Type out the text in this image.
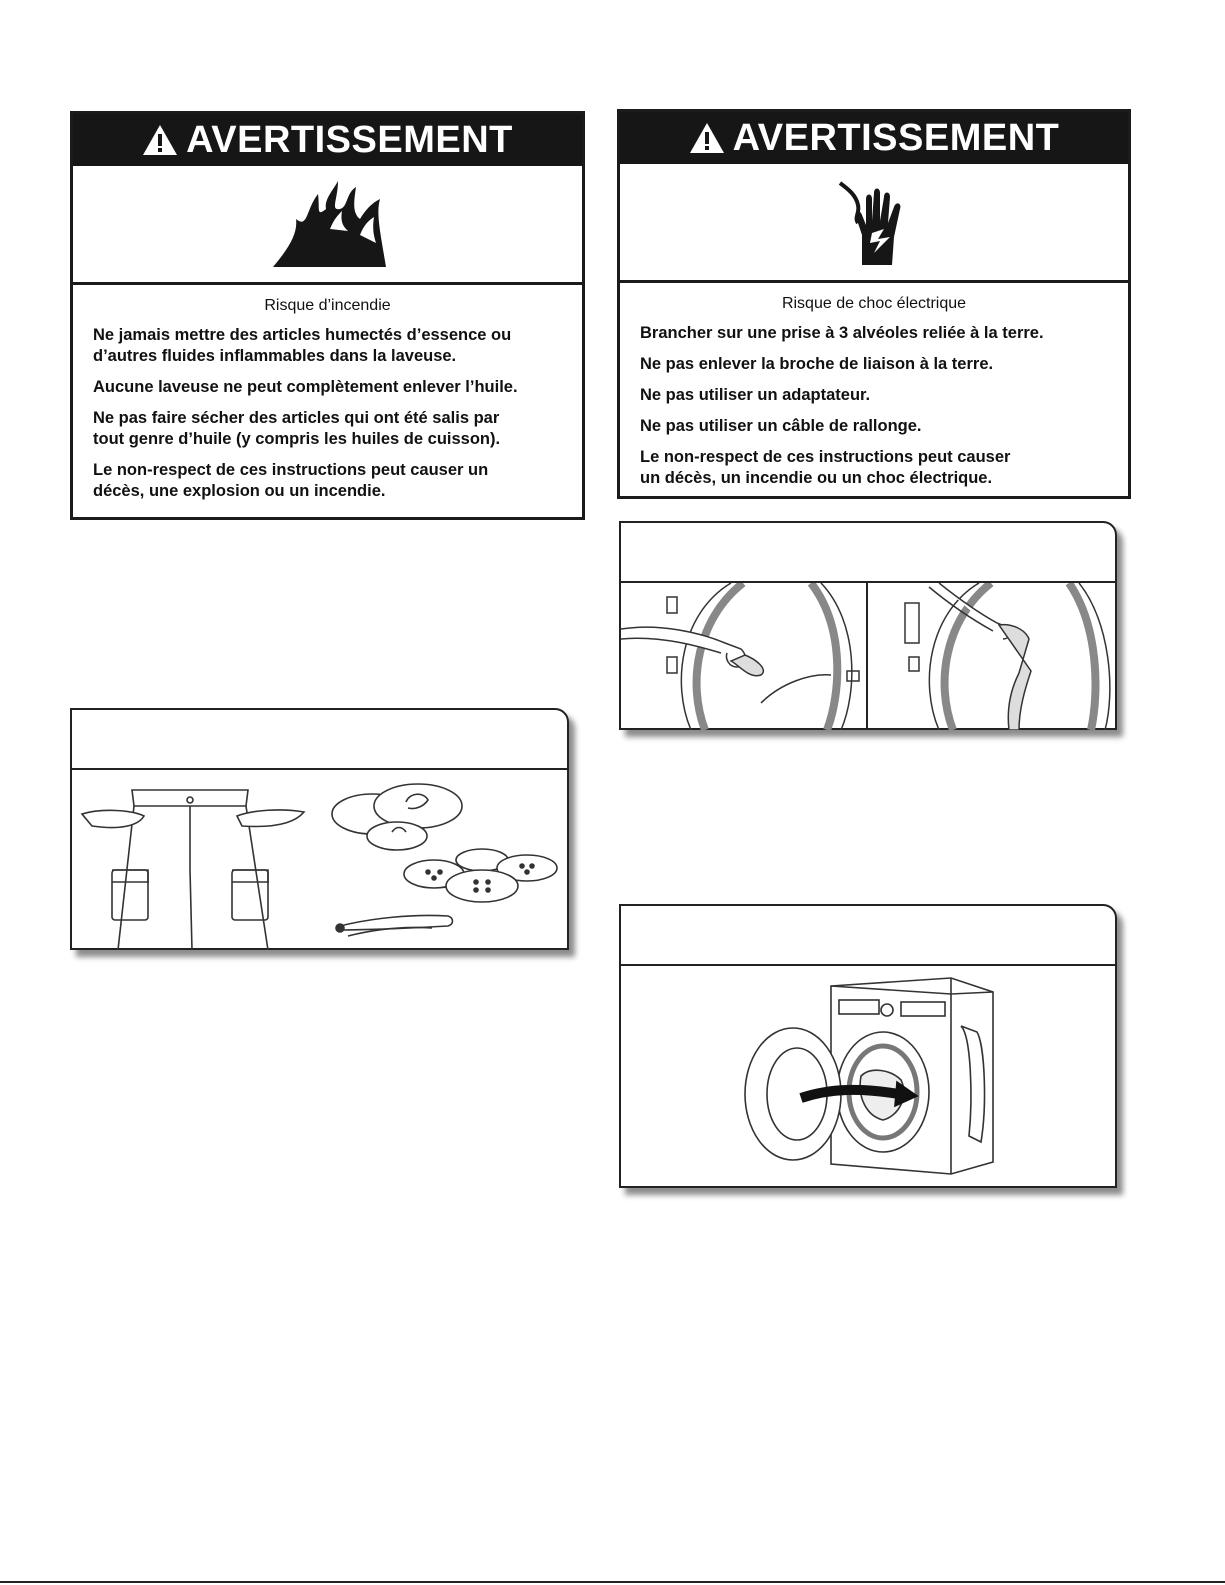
AVERTISSEMENT
Risque d’incendie
Ne jamais mettre des articles humectés d’essence ou
d’autres fluides inflammables dans la laveuse.
Aucune laveuse ne peut complètement enlever l’huile.
Ne pas faire sécher des articles qui ont été salis par
tout genre d’huile (y compris les huiles de cuisson).
Le non-respect de ces instructions peut causer un
décès, une explosion ou un incendie.
AVERTISSEMENT
Risque de choc électrique
Brancher sur une prise à 3 alvéoles reliée à la terre.
Ne pas enlever la broche de liaison à la terre.
Ne pas utiliser un adaptateur.
Ne pas utiliser un câble de rallonge.
Le non-respect de ces instructions peut causer
un décès, un incendie ou un choc électrique.
